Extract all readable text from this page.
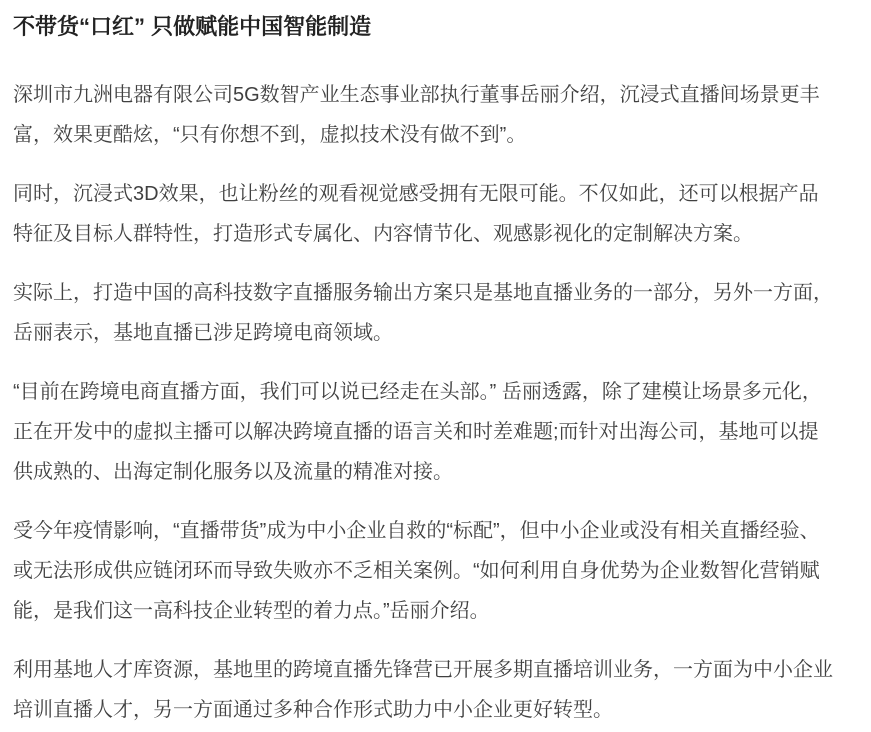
不带货“口红” 只做赋能中国智能制造

深圳市九洲电器有限公司5G数智产业生态事业部执行董事岳丽介绍，沉浸式直播间场景更丰富，效果更酷炫，“只有你想不到，虚拟技术没有做不到”。

同时，沉浸式3D效果，也让粉丝的观看视觉感受拥有无限可能。不仅如此，还可以根据产品特征及目标人群特性，打造形式专属化、内容情节化、观感影视化的定制解决方案。

实际上，打造中国的高科技数字直播服务输出方案只是基地直播业务的一部分，另外一方面，岳丽表示，基地直播已涉足跨境电商领域。

“目前在跨境电商直播方面，我们可以说已经走在头部。” 岳丽透露，除了建模让场景多元化，正在开发中的虚拟主播可以解决跨境直播的语言关和时差难题;而针对出海公司，基地可以提供成熟的、出海定制化服务以及流量的精准对接。

受今年疫情影响，“直播带货”成为中小企业自救的“标配”，但中小企业或没有相关直播经验、或无法形成供应链闭环而导致失败亦不乏相关案例。“如何利用自身优势为企业数智化营销赋能，是我们这一高科技企业转型的着力点。”岳丽介绍。

利用基地人才库资源，基地里的跨境直播先锋营已开展多期直播培训业务，一方面为中小企业培训直播人才，另一方面通过多种合作形式助力中小企业更好转型。
